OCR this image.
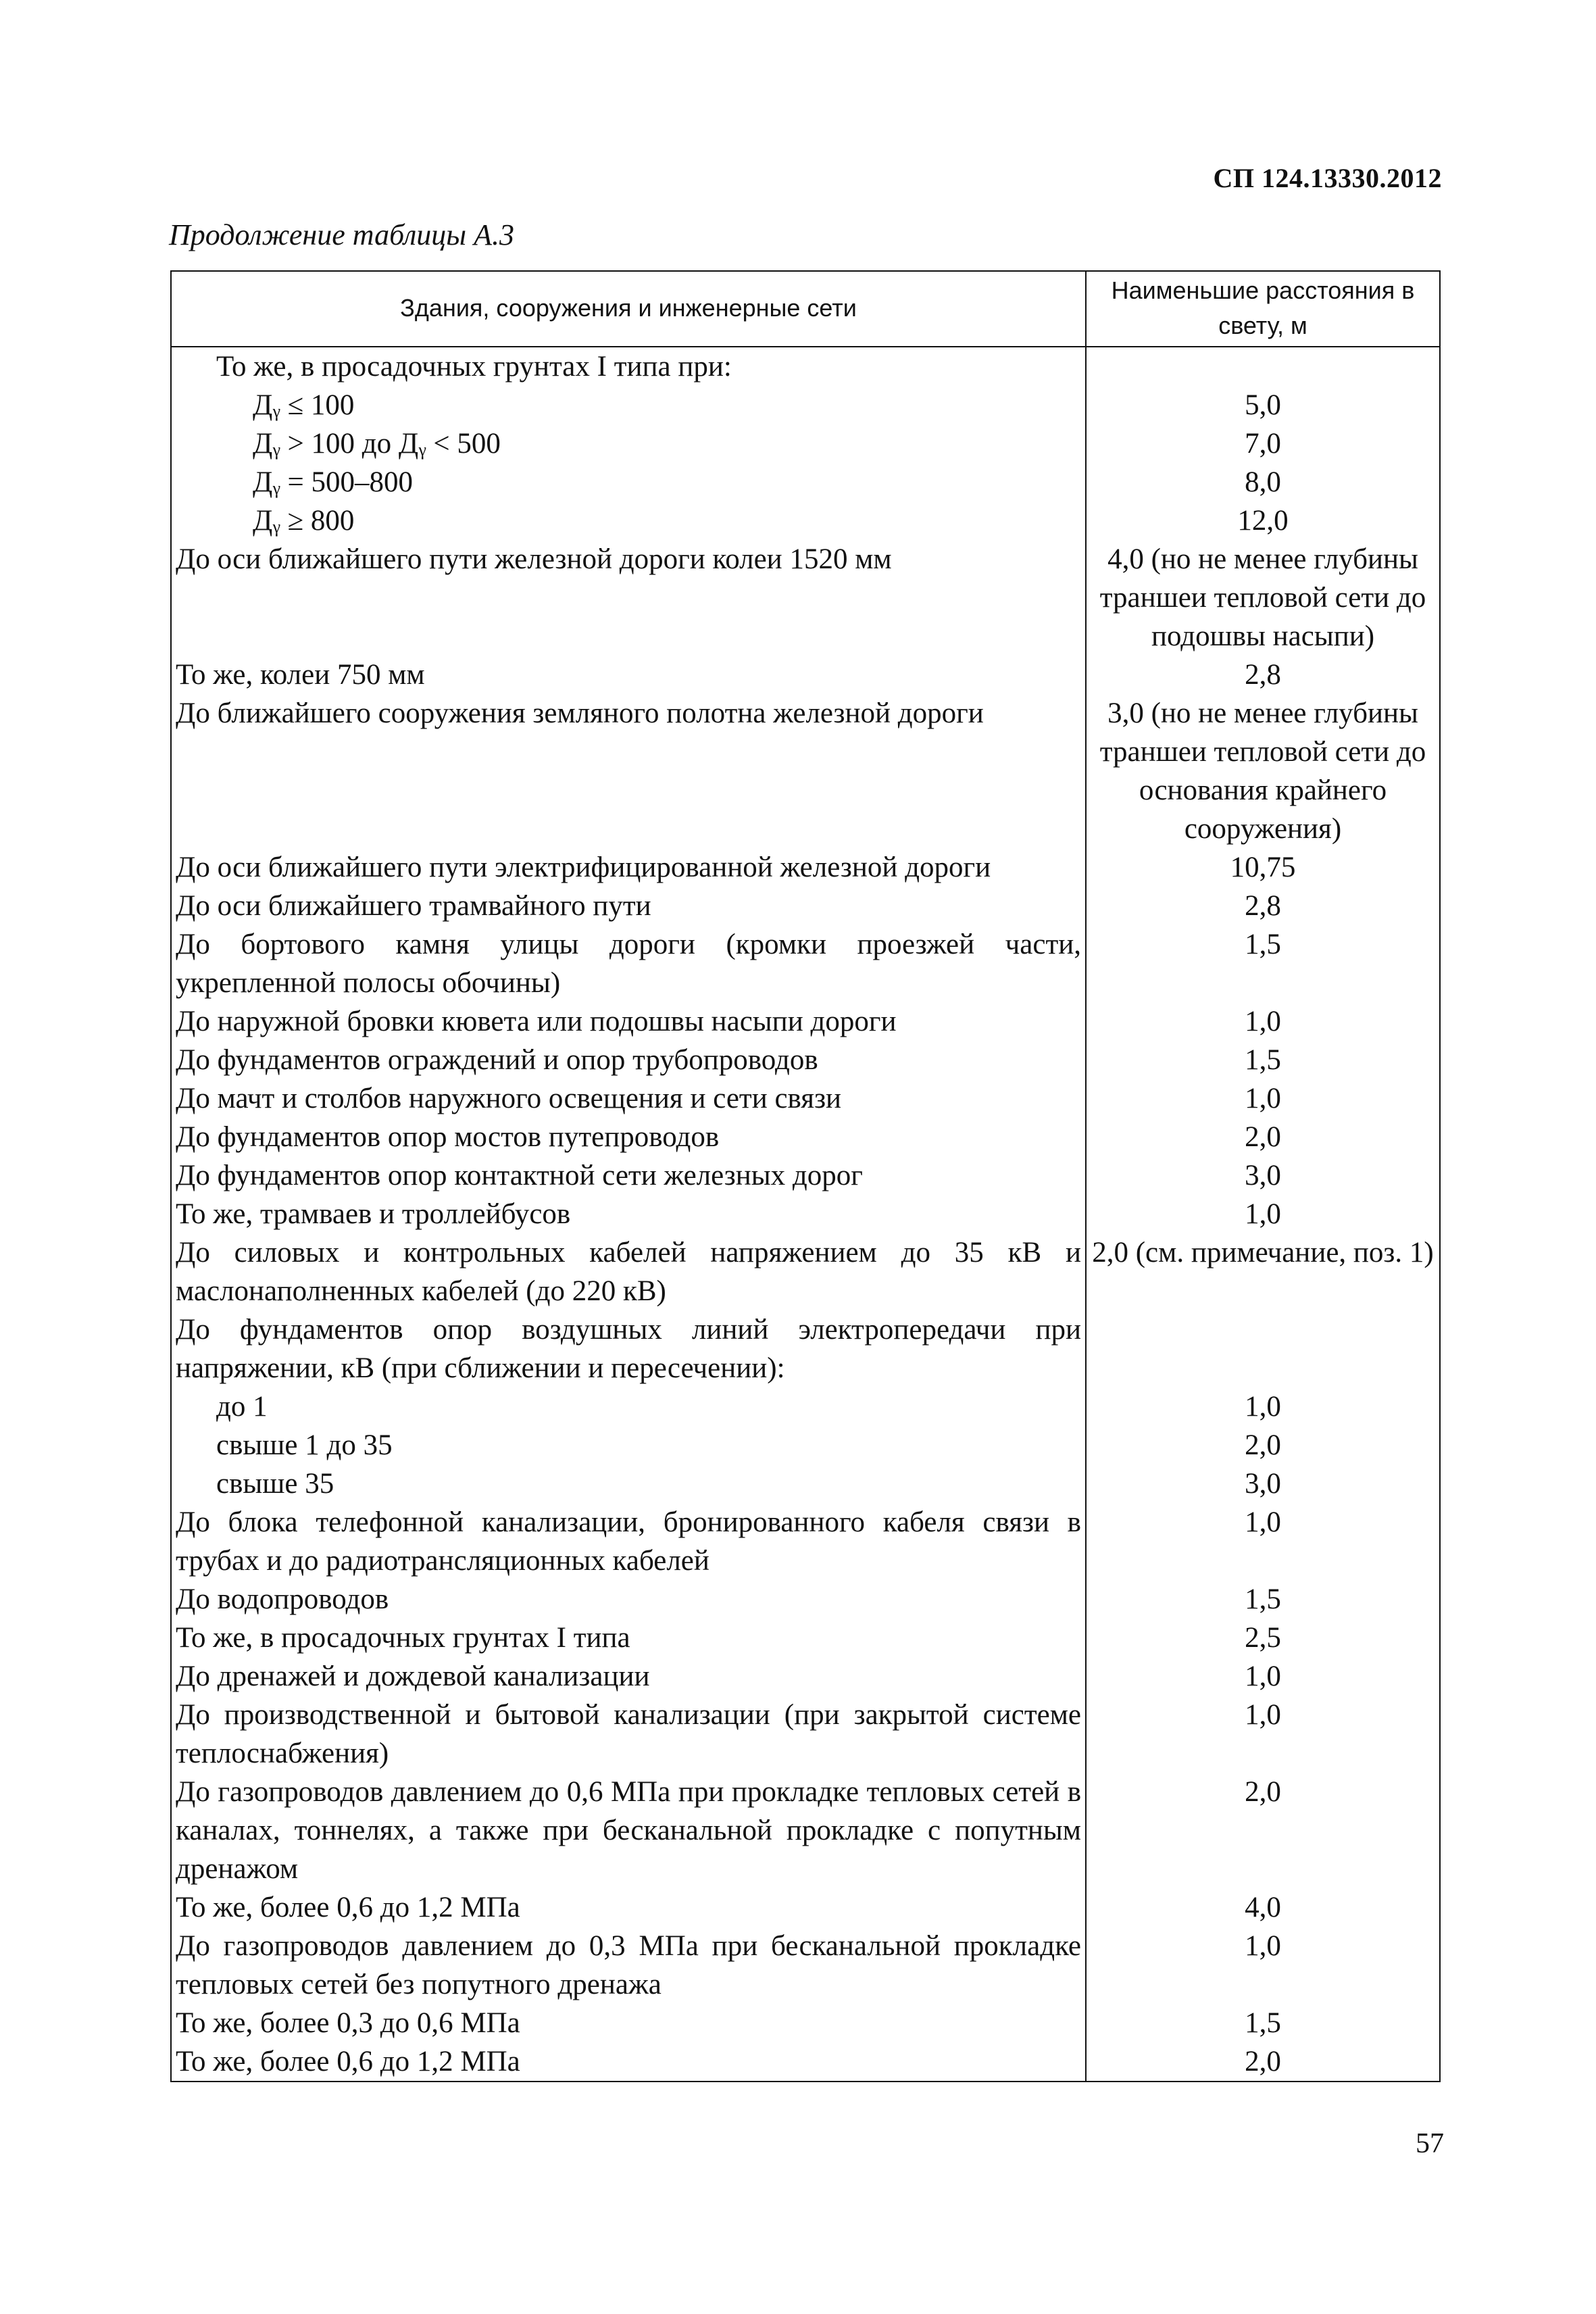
СП 124.13330.2012
Продолжение таблицы А.3
Здания, сооружения и инженерные сети	Наименьшие расстояния в свету, м
То же, в просадочных грунтах I типа при:	
Дᵧ ≤ 100	5,0
Дᵧ > 100 до Дᵧ < 500	7,0
Дᵧ = 500–800	8,0
Дᵧ ≥ 800	12,0
До оси ближайшего пути железной дороги колеи 1520 мм	4,0 (но не менее глубины траншеи тепловой сети до подошвы насыпи)
То же, колеи 750 мм	2,8
До ближайшего сооружения земляного полотна железной дороги	3,0 (но не менее глубины траншеи тепловой сети до основания крайнего сооружения)
До оси ближайшего пути электрифицированной железной дороги	10,75
До оси ближайшего трамвайного пути	2,8
До бортового камня улицы дороги (кромки проезжей части, укрепленной полосы обочины)	1,5
До наружной бровки кювета или подошвы насыпи дороги	1,0
До фундаментов ограждений и опор трубопроводов	1,5
До мачт и столбов наружного освещения и сети связи	1,0
До фундаментов опор мостов путепроводов	2,0
До фундаментов опор контактной сети железных дорог	3,0
То же, трамваев и троллейбусов	1,0
До силовых и контрольных кабелей напряжением до 35 кВ и маслонаполненных кабелей (до 220 кВ)	2,0 (см. примечание, поз. 1)
До фундаментов опор воздушных линий электропередачи при напряжении, кВ (при сближении и пересечении):	
до 1	1,0
свыше 1 до 35	2,0
свыше 35	3,0
До блока телефонной канализации, бронированного кабеля связи в трубах и до радиотрансляционных кабелей	1,0
До водопроводов	1,5
То же, в просадочных грунтах I типа	2,5
До дренажей и дождевой канализации	1,0
До производственной и бытовой канализации (при закрытой системе теплоснабжения)	1,0
До газопроводов давлением до 0,6 МПа при прокладке тепловых сетей в каналах, тоннелях, а также при бесканальной прокладке с попутным дренажом	2,0
То же, более 0,6 до 1,2 МПа	4,0
До газопроводов давлением до 0,3 МПа при бесканальной прокладке тепловых сетей без попутного дренажа	1,0
То же, более 0,3 до 0,6 МПа	1,5
То же, более 0,6 до 1,2 МПа	2,0
57
